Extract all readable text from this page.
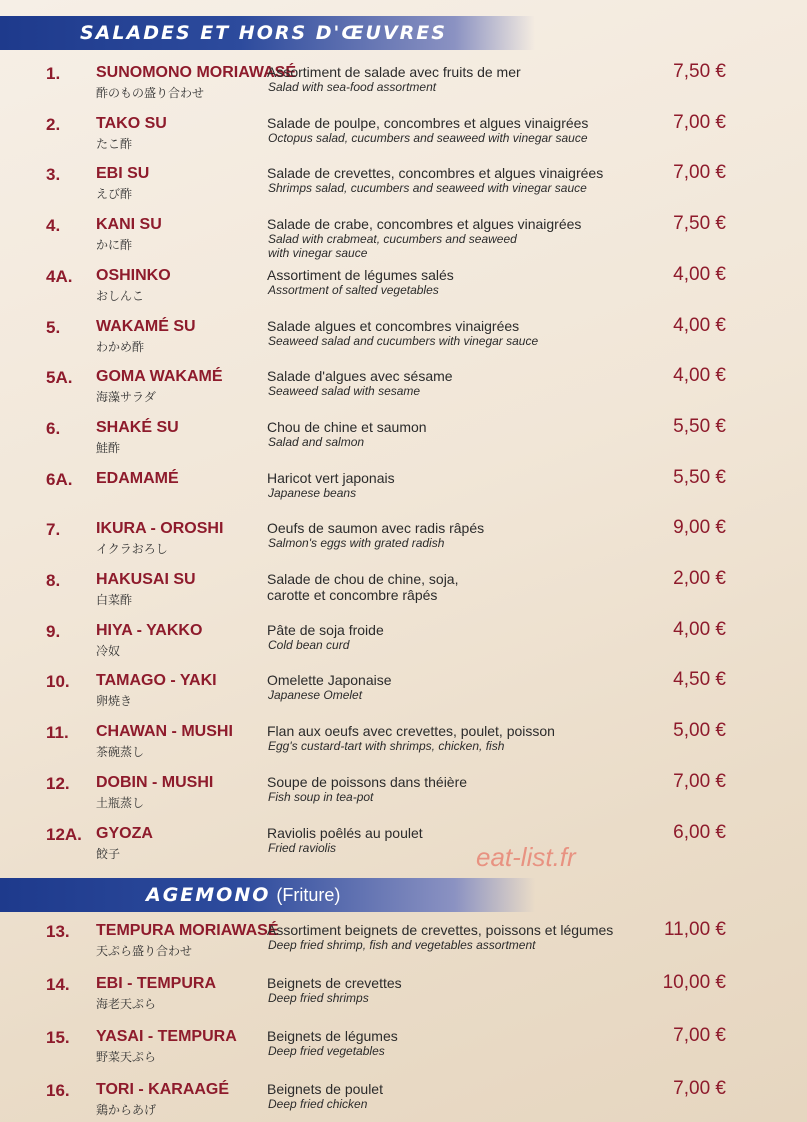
SALADES ET HORS D'ŒUVRES
1. SUNOMONO MORIAWASÉ
酢のもの盛り合わせ
Assortiment de salade avec fruits de mer
Salad with sea-food assortment
7,50 €
2. TAKO SU
たこ酢
Salade de poulpe, concombres et algues vinaigrées
Octopus salad, cucumbers and seaweed with vinegar sauce
7,00 €
3. EBI SU
えび酢
Salade de crevettes, concombres et algues vinaigrées
Shrimps salad, cucumbers and seaweed with vinegar sauce
7,00 €
4. KANI SU
かに酢
Salade de crabe, concombres et algues vinaigrées
Salad with crabmeat, cucumbers and seaweed
with vinegar sauce
7,50 €
4A. OSHINKO
おしんこ
Assortiment de légumes salés
Assortment of salted vegetables
4,00 €
5. WAKAMÉ SU
わかめ酢
Salade algues et concombres vinaigrées
Seaweed salad and cucumbers with vinegar sauce
4,00 €
5A. GOMA WAKAMÉ
海藻サラダ
Salade d'algues avec sésame
Seaweed salad with sesame
4,00 €
6. SHAKÉ SU
鮭酢
Chou de chine et saumon
Salad and salmon
5,50 €
6A. EDAMAMÉ	Haricot vert japonais
Japanese beans
5,50 €
7. IKURA - OROSHI
イクラおろし
Oeufs de saumon avec radis râpés
Salmon's eggs with grated radish
9,00 €
8. HAKUSAI SU
白菜酢
Salade de chou de chine, soja,
carotte et concombre râpés
2,00 €
9. HIYA - YAKKO
冷奴
Pâte de soja froide
Cold bean curd
4,00 €
10. TAMAGO - YAKI
卵焼き
Omelette Japonaise
Japanese Omelet
4,50 €
11. CHAWAN - MUSHI
茶碗蒸し
Flan aux oeufs avec crevettes, poulet, poisson
Egg's custard-tart with shrimps, chicken, fish
5,00 €
12. DOBIN - MUSHI
土瓶蒸し
Soupe de poissons dans théière
Fish soup in tea-pot
7,00 €
12A. GYOZA
餃子
Raviolis poêlés au poulet
Fried raviolis
6,00 €
AGEMONO (Friture)
13. TEMPURA MORIAWASÉ
天ぷら盛り合わせ
Assortiment beignets de crevettes, poissons et légumes
Deep fried shrimp, fish and vegetables assortment
11,00 €
14. EBI - TEMPURA
海老天ぷら
Beignets de crevettes
Deep fried shrimps
10,00 €
15. YASAI - TEMPURA
野菜天ぷら
Beignets de légumes
Deep fried vegetables
7,00 €
16. TORI - KARAAGÉ
鶏からあげ
Beignets de poulet
Deep fried chicken
7,00 €
eat-list.fr
